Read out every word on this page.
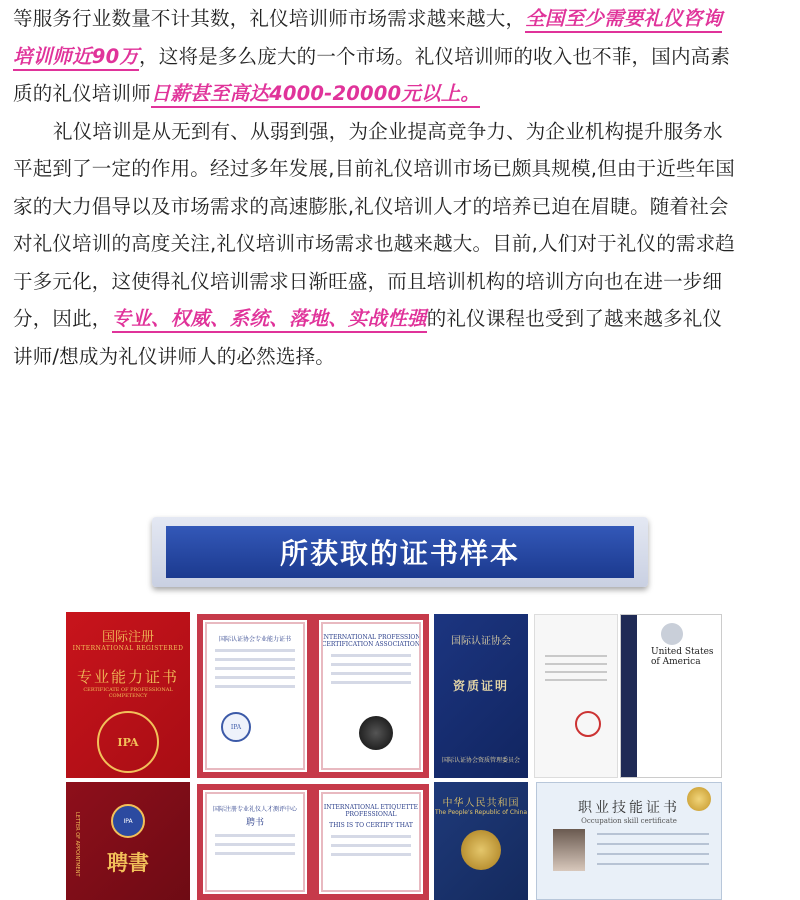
等服务行业数量不计其数，礼仪培训师市场需求越来越大，全国至少需要礼仪咨询
培训师近90万，这将是多么庞大的一个市场。礼仪培训师的收入也不菲，国内高素
质的礼仪培训师日薪甚至高达4000-20000元以上。
礼仪培训是从无到有、从弱到强，为企业提高竞争力、为企业机构提升服务水
平起到了一定的作用。经过多年发展,目前礼仪培训市场已颇具规模,但由于近些年国
家的大力倡导以及市场需求的高速膨胀,礼仪培训人才的培养已迫在眉睫。随着社会
对礼仪培训的高度关注,礼仪培训市场需求也越来越大。目前,人们对于礼仪的需求趋
于多元化，这使得礼仪培训需求日渐旺盛，而且培训机构的培训方向也在进一步细
分，因此，专业、权威、系统、落地、实战性强的礼仪课程也受到了越来越多礼仪
讲师/想成为礼仪讲师人的必然选择。
所获取的证书样本
国际注册
INTERNATIONAL REGISTERED
专业能力证书
CERTIFICATE OF PROFESSIONAL COMPETENCY
IPA
国际认证协会专业能力证书
IPA
INTERNATIONAL PROFESSION CERTIFICATION ASSOCIATION	国际认证协会
资质证明
国际认证协会资质管理委员会
United States of America
LETTER OF APPOINTMENT	IPA
聘書
国际注册专业礼仪人才测评中心
聘书
INTERNATIONAL ETIQUETTE PROFESSIONAL
THIS IS TO CERTIFY THAT
中华人民共和国
The People's Republic of China	职业技能证书
Occupation skill certificate
